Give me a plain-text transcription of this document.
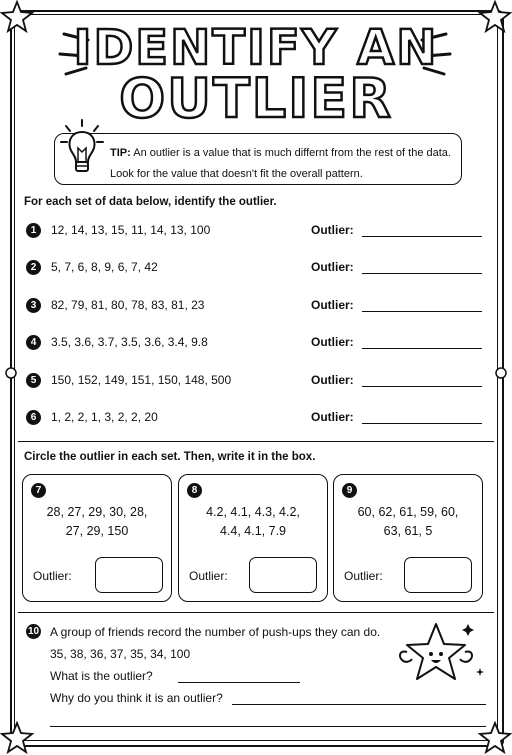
IDENTIFY AN
OUTLIER
TIP: An outlier is a value that is much differnt from the rest of the data.
Look for the value that doesn't fit the overall pattern.
For each set of data below, identify the outlier.
1	12, 14, 13, 15, 11, 14, 13, 100	Outlier:
2	5, 7, 6, 8, 9, 6, 7, 42	Outlier:
3	82, 79, 81, 80, 78, 83, 81, 23	Outlier:
4	3.5, 3.6, 3.7, 3.5, 3.6, 3.4, 9.8	Outlier:
5	150, 152, 149, 151, 150, 148, 500	Outlier:
6	1, 2, 2, 1, 3, 2, 2, 20	Outlier:
Circle the outlier in each set. Then, write it in the box.
7
28, 27, 29, 30, 28,
27, 29, 150
Outlier:
8
4.2, 4.1, 4.3, 4.2,
4.4, 4.1, 7.9
Outlier:
9
60, 62, 61, 59, 60,
63, 61, 5
Outlier:
10 A group of friends record the number of push-ups they can do.
35, 38, 36, 37, 35, 34, 100
What is the outlier?
Why do you think it is an outlier?
